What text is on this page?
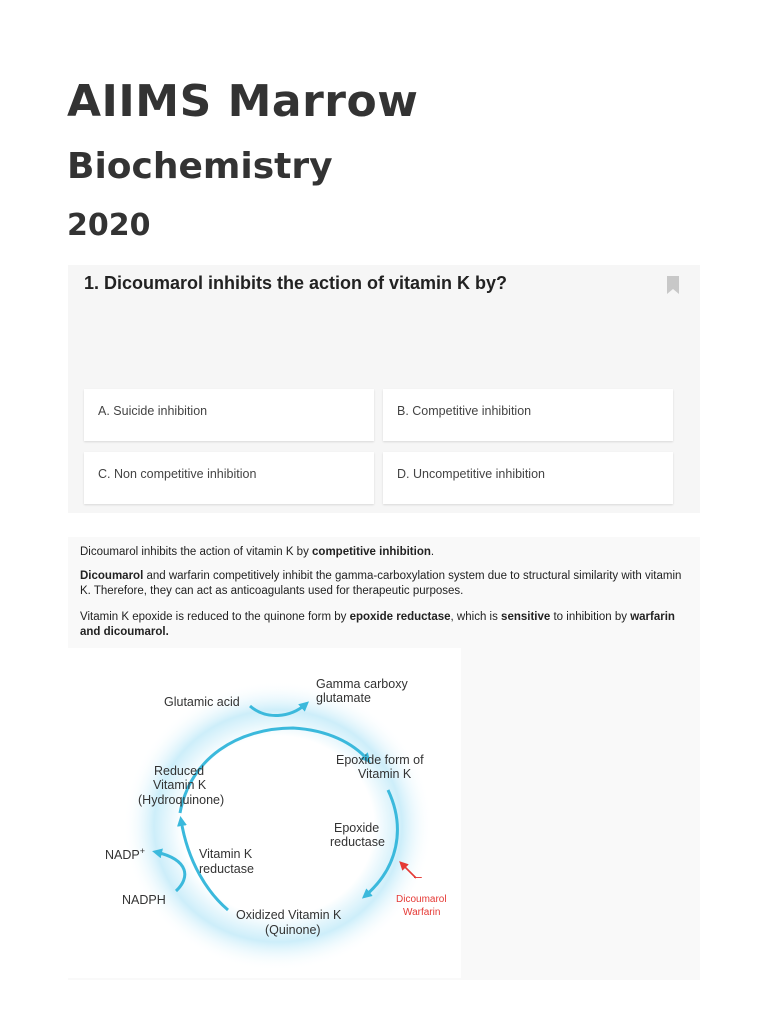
AIIMS Marrow
Biochemistry
2020
1. Dicoumarol inhibits the action of vitamin K by?
A. Suicide inhibition	B. Competitive inhibition
C. Non competitive inhibition	D. Uncompetitive inhibition

Dicoumarol inhibits the action of vitamin K by competitive inhibition.

Dicoumarol and warfarin competitively inhibit the gamma-carboxylation system due to structural similarity with vitamin K. Therefore, they can act as anticoagulants used for therapeutic purposes.

Vitamin K epoxide is reduced to the quinone form by epoxide reductase, which is sensitive to inhibition by warfarin and dicoumarol.

–
Glutamic acid
Gamma carboxy
glutamate
Epoxide form of
Vitamin K
Epoxide
reductase
Oxidized Vitamin K
(Quinone)
Reduced
Vitamin K
(Hydroquinone)
Vitamin K
reductase
NADP+
NADPH	Dicoumarol
Warfarin
